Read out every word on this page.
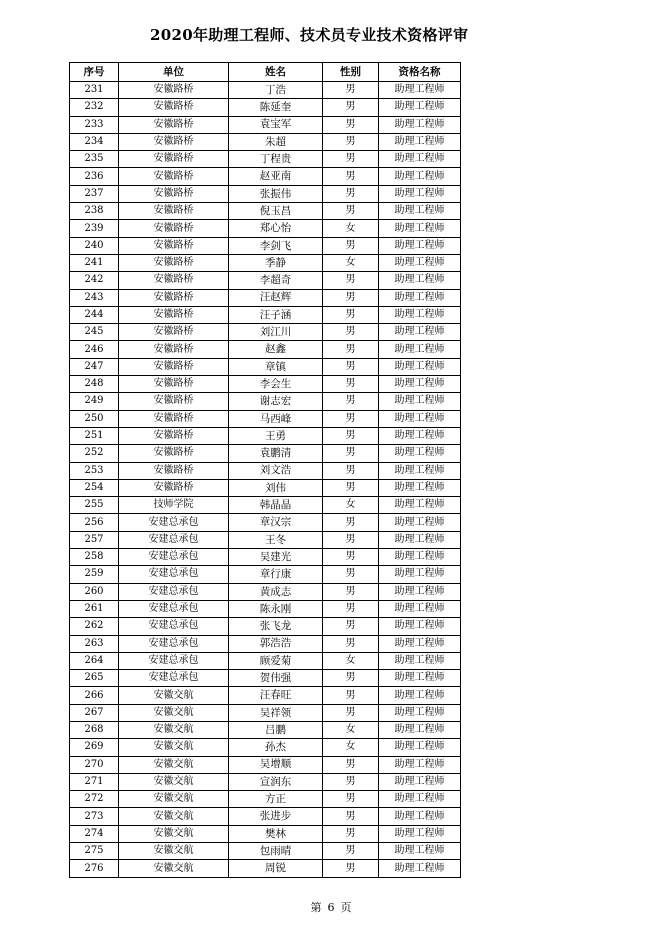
2020年助理工程师、技术员专业技术资格评审
序号	单位	姓名	性别	资格名称
231	安徽路桥	丁浩	男	助理工程师
232	安徽路桥	陈延奎	男	助理工程师
233	安徽路桥	袁宝军	男	助理工程师
234	安徽路桥	朱超	男	助理工程师
235	安徽路桥	丁程贵	男	助理工程师
236	安徽路桥	赵亚南	男	助理工程师
237	安徽路桥	张振伟	男	助理工程师
238	安徽路桥	倪玉昌	男	助理工程师
239	安徽路桥	郑心怡	女	助理工程师
240	安徽路桥	李剑飞	男	助理工程师
241	安徽路桥	季静	女	助理工程师
242	安徽路桥	李超奇	男	助理工程师
243	安徽路桥	汪赵辉	男	助理工程师
244	安徽路桥	汪子涵	男	助理工程师
245	安徽路桥	刘江川	男	助理工程师
246	安徽路桥	赵鑫	男	助理工程师
247	安徽路桥	章镇	男	助理工程师
248	安徽路桥	李会生	男	助理工程师
249	安徽路桥	谢志宏	男	助理工程师
250	安徽路桥	马西峰	男	助理工程师
251	安徽路桥	王勇	男	助理工程师
252	安徽路桥	袁鹏清	男	助理工程师
253	安徽路桥	刘文浩	男	助理工程师
254	安徽路桥	刘伟	男	助理工程师
255	技师学院	韩晶晶	女	助理工程师
256	安建总承包	章汉宗	男	助理工程师
257	安建总承包	王冬	男	助理工程师
258	安建总承包	吴建光	男	助理工程师
259	安建总承包	章行康	男	助理工程师
260	安建总承包	黄成志	男	助理工程师
261	安建总承包	陈永刚	男	助理工程师
262	安建总承包	张飞龙	男	助理工程师
263	安建总承包	郭浩浩	男	助理工程师
264	安建总承包	顾爱菊	女	助理工程师
265	安建总承包	贺伟强	男	助理工程师
266	安徽交航	汪春旺	男	助理工程师
267	安徽交航	吴祥领	男	助理工程师
268	安徽交航	吕鹏	女	助理工程师
269	安徽交航	孙杰	女	助理工程师
270	安徽交航	吴增顺	男	助理工程师
271	安徽交航	宣润东	男	助理工程师
272	安徽交航	方正	男	助理工程师
273	安徽交航	张进步	男	助理工程师
274	安徽交航	樊林	男	助理工程师
275	安徽交航	包雨晴	男	助理工程师
276	安徽交航	周锐	男	助理工程师
第 6 页
